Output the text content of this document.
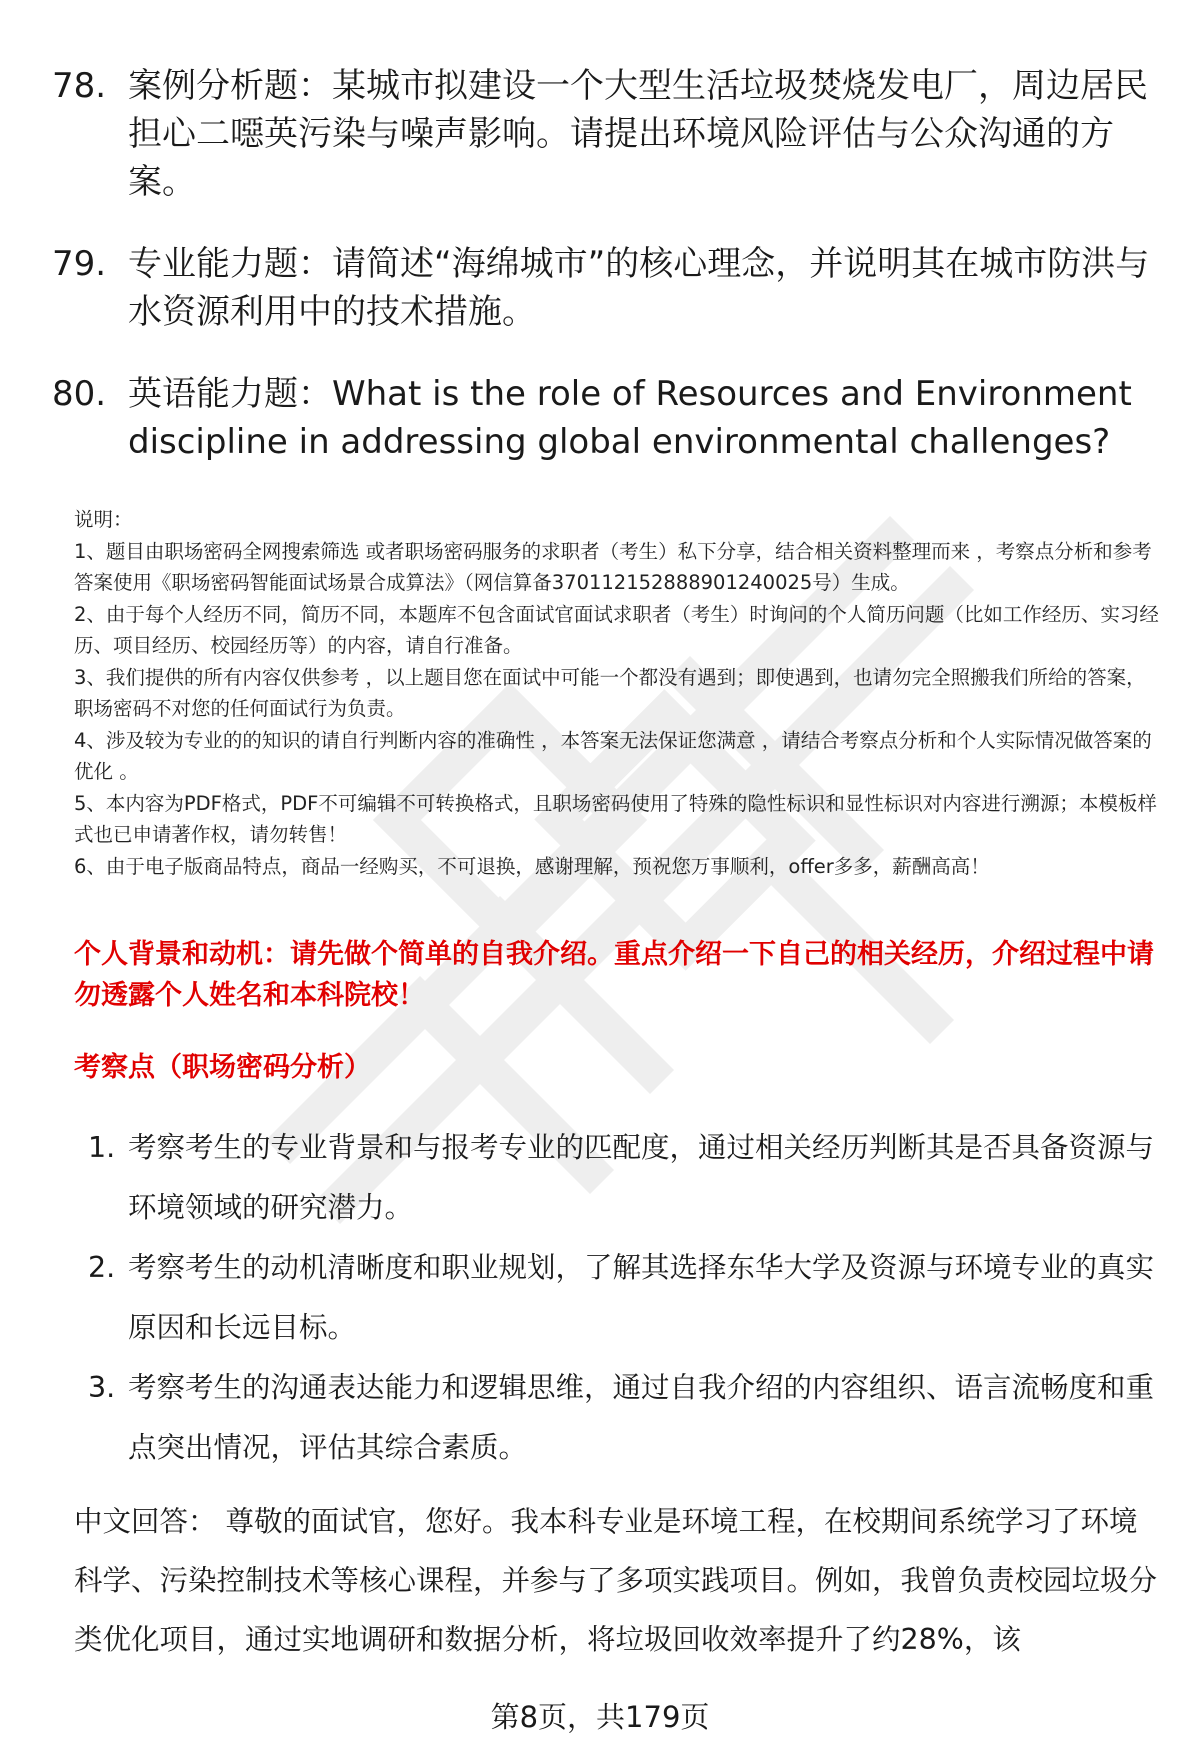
78. 案例分析题：某城市拟建设一个大型生活垃圾焚烧发电厂，周边居民担心二噁英污染与噪声影响。请提出环境风险评估与公众沟通的方案。
79. 专业能力题：请简述“海绵城市”的核心理念，并说明其在城市防洪与水资源利用中的技术措施。
80. 英语能力题：What is the role of Resources and Environment discipline in addressing global environmental challenges?

说明：

1、题目由职场密码全网搜索筛选 或者职场密码服务的求职者（考生）私下分享，结合相关资料整理而来 ，考察点分析和参考答案使用《职场密码智能面试场景合成算法》（网信算备370112152888901240025号）生成。

2、由于每个人经历不同，简历不同，本题库不包含面试官面试求职者（考生）时询问的个人简历问题（比如工作经历、实习经历、项目经历、校园经历等）的内容，请自行准备。

3、我们提供的所有内容仅供参考 ，以上题目您在面试中可能一个都没有遇到；即使遇到，也请勿完全照搬我们所给的答案，职场密码不对您的任何面试行为负责。

4、涉及较为专业的的知识的请自行判断内容的准确性 ，本答案无法保证您满意 ，请结合考察点分析和个人实际情况做答案的优化 。

5、本内容为PDF格式，PDF不可编辑不可转换格式，且职场密码使用了特殊的隐性标识和显性标识对内容进行溯源；本模板样式也已申请著作权，请勿转售！

6、由于电子版商品特点，商品一经购买，不可退换，感谢理解，预祝您万事顺利，offer多多，薪酬高高！

个人背景和动机：请先做个简单的自我介绍。重点介绍一下自己的相关经历，介绍过程中请勿透露个人姓名和本科院校！
考察点（职场密码分析）
1. 考察考生的专业背景和与报考专业的匹配度，通过相关经历判断其是否具备资源与环境领域的研究潜力。
2. 考察考生的动机清晰度和职业规划，了解其选择东华大学及资源与环境专业的真实原因和长远目标。
3. 考察考生的沟通表达能力和逻辑思维，通过自我介绍的内容组织、语言流畅度和重点突出情况，评估其综合素质。
中文回答： 尊敬的面试官，您好。我本科专业是环境工程，在校期间系统学习了环境科学、污染控制技术等核心课程，并参与了多项实践项目。例如，我曾负责校园垃圾分类优化项目，通过实地调研和数据分析，将垃圾回收效率提升了约28%，该
第8页，共179页
